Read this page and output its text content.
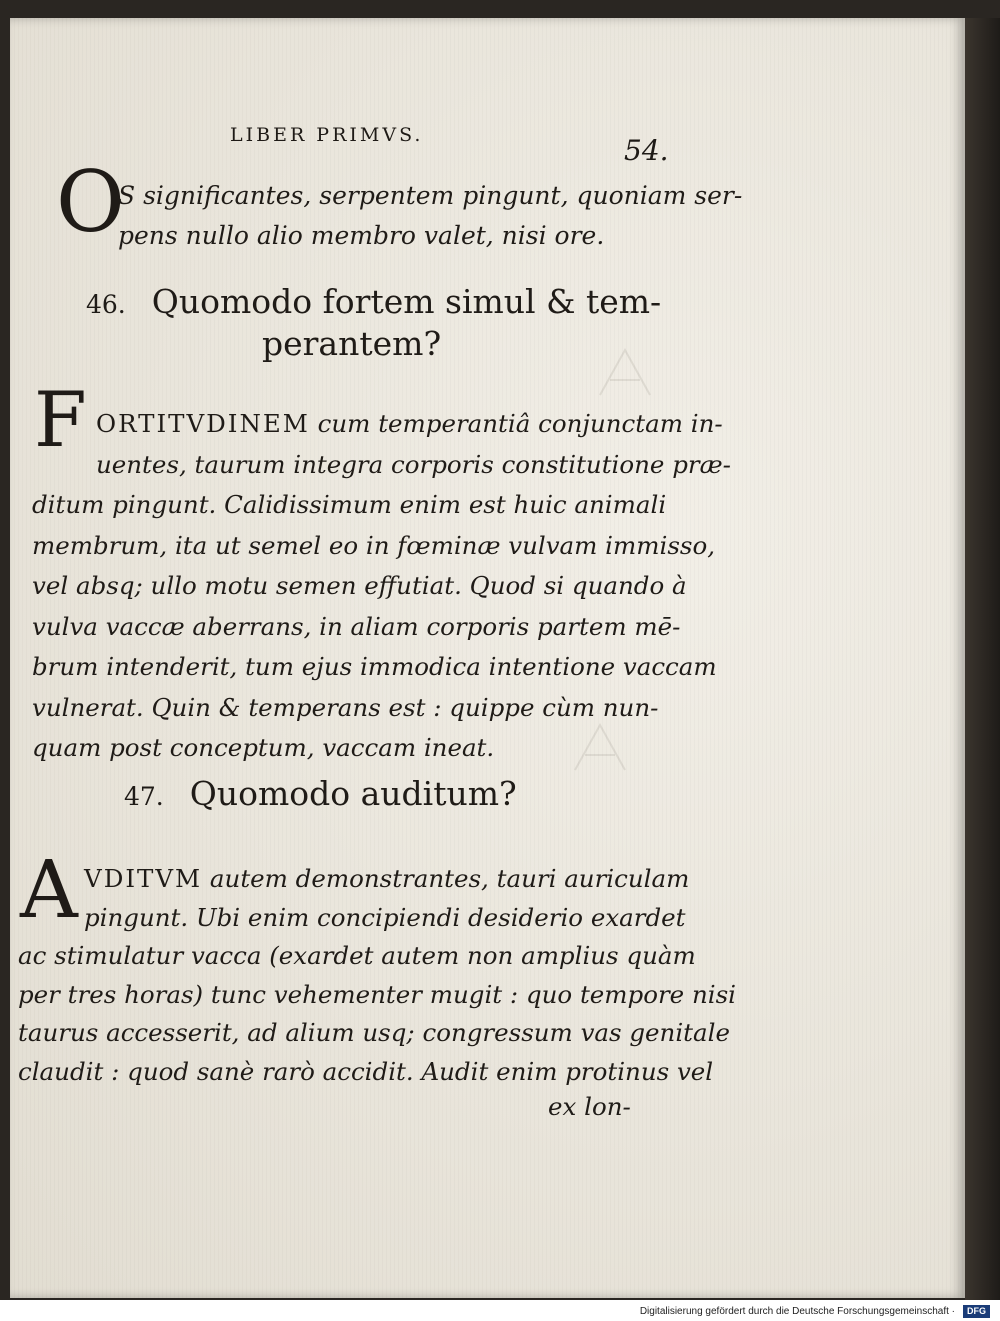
LIBER PRIMVS.	54.
O
S significantes, serpentem pingunt, quoniam ser-
pens nullo alio membro valet, nisi ore.
46. Quomodo fortem simul & tem-
perantem?
F ORTITVDINEM cum temperantiâ conjunctam in-
uentes, taurum integra corporis constitutione præ-
ditum pingunt. Calidissimum enim est huic animali
membrum, ita ut semel eo in fœminæ vulvam immisso,
vel absq; ullo motu semen effutiat. Quod si quando à
vulva vaccæ aberrans, in aliam corporis partem mē-
brum intenderit, tum ejus immodica intentione vaccam
vulnerat. Quin & temperans est : quippe cùm nun-
quam post conceptum, vaccam ineat.
47. Quomodo auditum?
A VDITVM autem demonstrantes, tauri auriculam
pingunt. Ubi enim concipiendi desiderio exardet
ac stimulatur vacca (exardet autem non amplius quàm
per tres horas) tunc vehementer mugit : quo tempore nisi
taurus accesserit, ad alium usq; congressum vas genitale
claudit : quod sanè rarò accidit. Audit enim protinus vel
ex lon-
Digitalisierung gefördert durch die Deutsche Forschungsgemeinschaft · DFG
